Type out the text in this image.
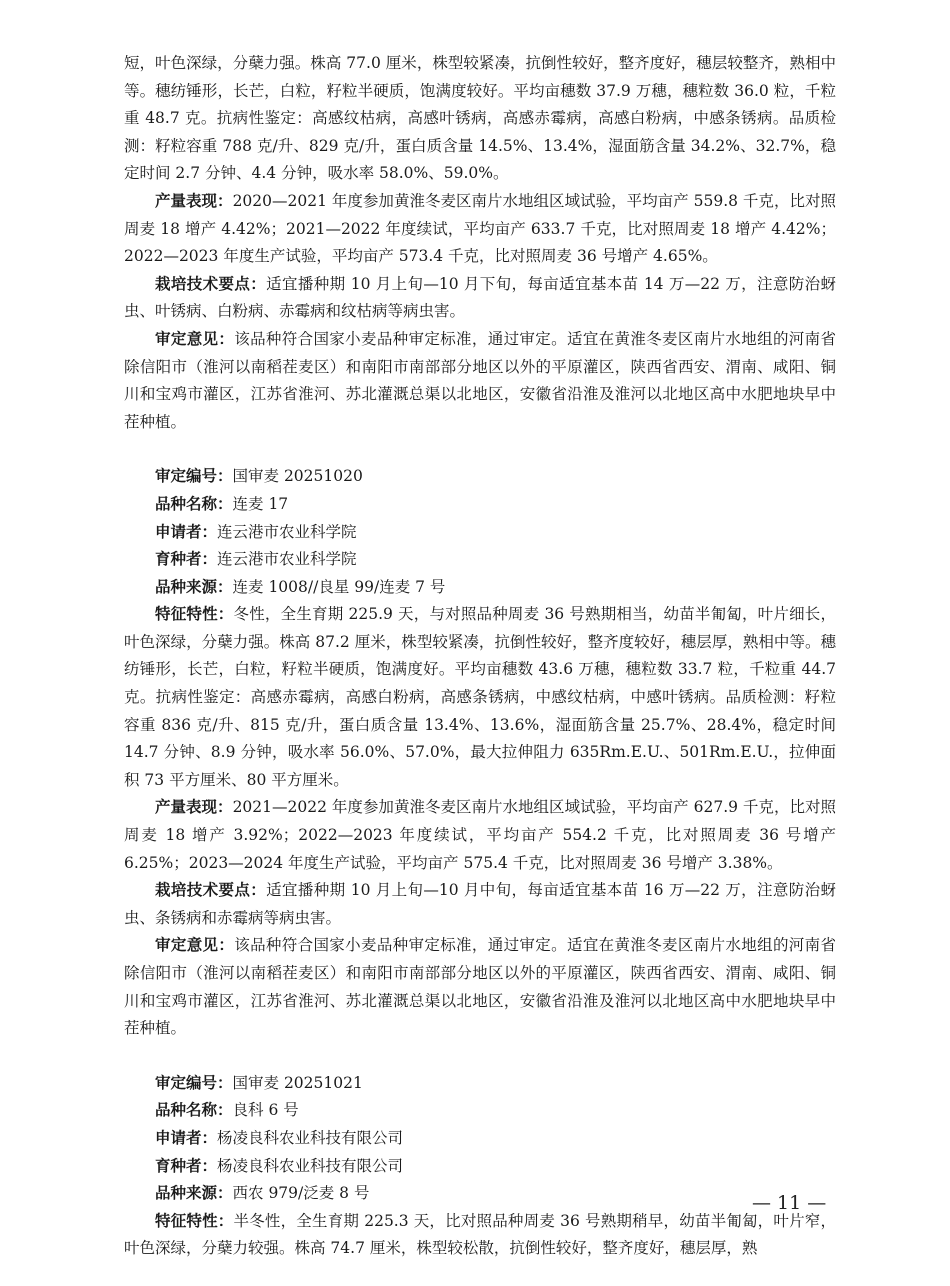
短，叶色深绿，分蘖力强。株高 77.0 厘米，株型较紧凑，抗倒性较好，整齐度好，穗层较整齐，熟相中等。穗纺锤形，长芒，白粒，籽粒半硬质，饱满度较好。平均亩穗数 37.9 万穗，穗粒数 36.0 粒，千粒重 48.7 克。抗病性鉴定：高感纹枯病，高感叶锈病，高感赤霉病，高感白粉病，中感条锈病。品质检测：籽粒容重 788 克/升、829 克/升，蛋白质含量 14.5%、13.4%，湿面筋含量 34.2%、32.7%，稳定时间 2.7 分钟、4.4 分钟，吸水率 58.0%、59.0%。

产量表现：2020—2021 年度参加黄淮冬麦区南片水地组区域试验，平均亩产 559.8 千克，比对照周麦 18 增产 4.42%；2021—2022 年度续试，平均亩产 633.7 千克，比对照周麦 18 增产 4.42%；2022—2023 年度生产试验，平均亩产 573.4 千克，比对照周麦 36 号增产 4.65%。

栽培技术要点：适宜播种期 10 月上旬—10 月下旬，每亩适宜基本苗 14 万—22 万，注意防治蚜虫、叶锈病、白粉病、赤霉病和纹枯病等病虫害。

审定意见：该品种符合国家小麦品种审定标准，通过审定。适宜在黄淮冬麦区南片水地组的河南省除信阳市（淮河以南稻茬麦区）和南阳市南部部分地区以外的平原灌区，陕西省西安、渭南、咸阳、铜川和宝鸡市灌区，江苏省淮河、苏北灌溉总渠以北地区，安徽省沿淮及淮河以北地区高中水肥地块早中茬种植。

审定编号：国审麦 20251020

品种名称：连麦 17

申请者：连云港市农业科学院

育种者：连云港市农业科学院

品种来源：连麦 1008//良星 99/连麦 7 号

特征特性：冬性，全生育期 225.9 天，与对照品种周麦 36 号熟期相当，幼苗半匍匐，叶片细长，叶色深绿，分蘖力强。株高 87.2 厘米，株型较紧凑，抗倒性较好，整齐度较好，穗层厚，熟相中等。穗纺锤形，长芒，白粒，籽粒半硬质，饱满度好。平均亩穗数 43.6 万穗，穗粒数 33.7 粒，千粒重 44.7 克。抗病性鉴定：高感赤霉病，高感白粉病，高感条锈病，中感纹枯病，中感叶锈病。品质检测：籽粒容重 836 克/升、815 克/升，蛋白质含量 13.4%、13.6%，湿面筋含量 25.7%、28.4%，稳定时间 14.7 分钟、8.9 分钟，吸水率 56.0%、57.0%，最大拉伸阻力 635Rm.E.U.、501Rm.E.U.，拉伸面积 73 平方厘米、80 平方厘米。

产量表现：2021—2022 年度参加黄淮冬麦区南片水地组区域试验，平均亩产 627.9 千克，比对照周麦 18 增产 3.92%；2022—2023 年度续试，平均亩产 554.2 千克，比对照周麦 36 号增产 6.25%；2023—2024 年度生产试验，平均亩产 575.4 千克，比对照周麦 36 号增产 3.38%。

栽培技术要点：适宜播种期 10 月上旬—10 月中旬，每亩适宜基本苗 16 万—22 万，注意防治蚜虫、条锈病和赤霉病等病虫害。

审定意见：该品种符合国家小麦品种审定标准，通过审定。适宜在黄淮冬麦区南片水地组的河南省除信阳市（淮河以南稻茬麦区）和南阳市南部部分地区以外的平原灌区，陕西省西安、渭南、咸阳、铜川和宝鸡市灌区，江苏省淮河、苏北灌溉总渠以北地区，安徽省沿淮及淮河以北地区高中水肥地块早中茬种植。

审定编号：国审麦 20251021

品种名称：良科 6 号

申请者：杨凌良科农业科技有限公司

育种者：杨凌良科农业科技有限公司

品种来源：西农 979/泛麦 8 号

特征特性：半冬性，全生育期 225.3 天，比对照品种周麦 36 号熟期稍早，幼苗半匍匐，叶片窄，叶色深绿，分蘖力较强。株高 74.7 厘米，株型较松散，抗倒性较好，整齐度好，穗层厚，熟

— 11 —
